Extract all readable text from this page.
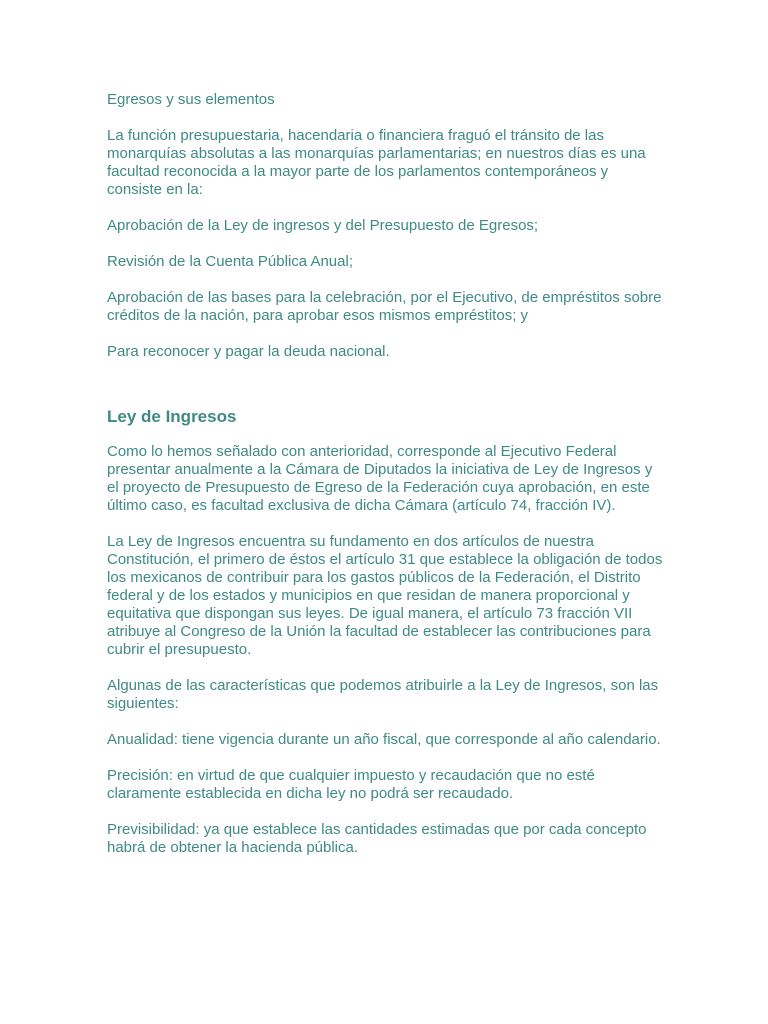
Egresos y sus elementos

La función presupuestaria, hacendaria o financiera fraguó el tránsito de las monarquías absolutas a las monarquías parlamentarias; en nuestros días es una facultad reconocida a la mayor parte de los parlamentos contemporáneos y consiste en la:

Aprobación de la Ley de ingresos y del Presupuesto de Egresos;

Revisión de la Cuenta Pública Anual;

Aprobación de las bases para la celebración, por el Ejecutivo, de empréstitos sobre créditos de la nación, para aprobar esos mismos empréstitos; y

Para reconocer y pagar la deuda nacional.

Ley de Ingresos

Como lo hemos señalado con anterioridad, corresponde al Ejecutivo Federal presentar anualmente a la Cámara de Diputados la iniciativa de Ley de Ingresos y el proyecto de Presupuesto de Egreso de la Federación cuya aprobación, en este último caso, es facultad exclusiva de dicha Cámara (artículo 74, fracción IV).

La Ley de Ingresos encuentra su fundamento en dos artículos de nuestra Constitución, el primero de éstos el artículo 31 que establece la obligación de todos los mexicanos de contribuir para los gastos públicos de la Federación, el Distrito federal y de los estados y municipios en que residan de manera proporcional y equitativa que dispongan sus leyes. De igual manera, el artículo 73 fracción VII atribuye al Congreso de la Unión la facultad de establecer las contribuciones para cubrir el presupuesto.

Algunas de las características que podemos atribuirle a la Ley de Ingresos, son las siguientes:

Anualidad: tiene vigencia durante un año fiscal, que corresponde al año calendario.

Precisión: en virtud de que cualquier impuesto y recaudación que no esté claramente establecida en dicha ley no podrá ser recaudado.

Previsibilidad: ya que establece las cantidades estimadas que por cada concepto habrá de obtener la hacienda pública.
